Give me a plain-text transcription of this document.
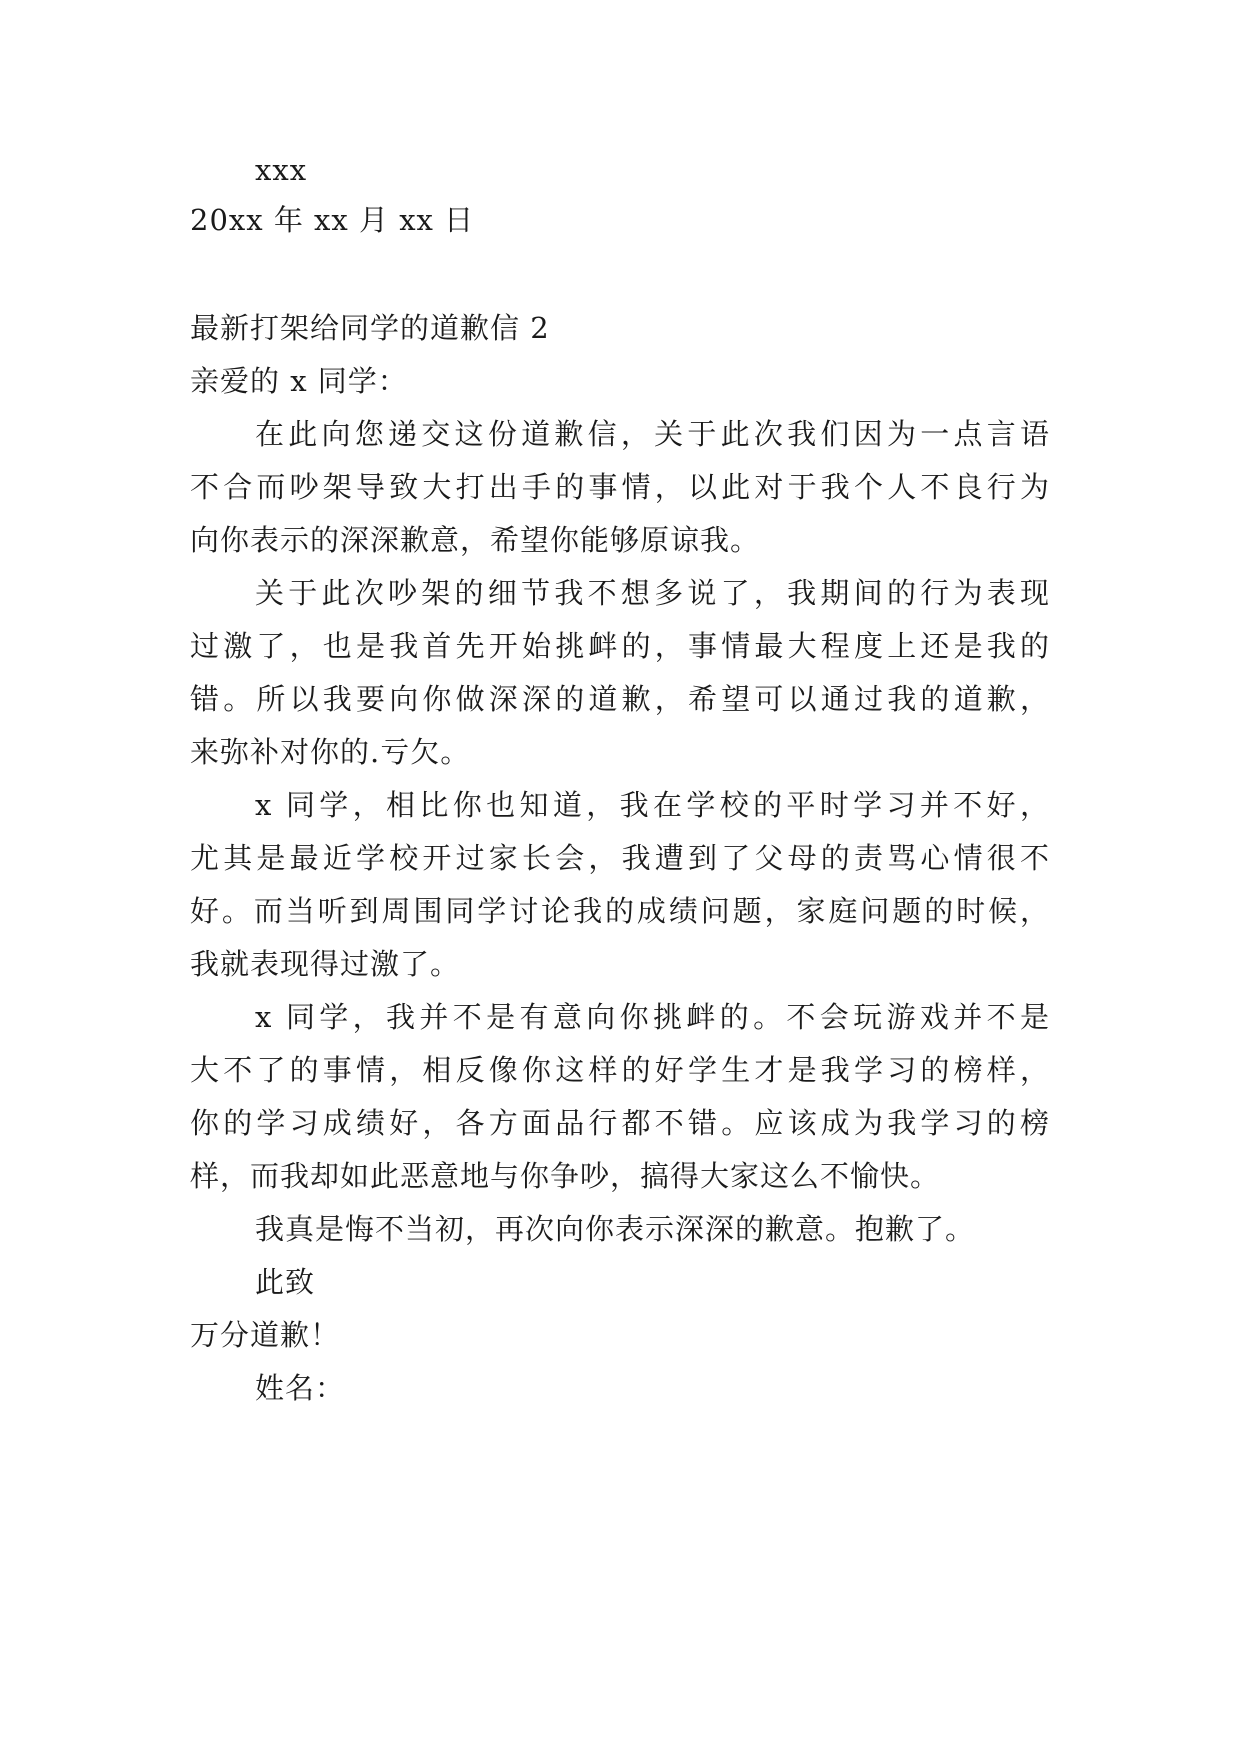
xxx
20xx 年 xx 月 xx 日
最新打架给同学的道歉信 2
亲爱的 x 同学：
在此向您递交这份道歉信，关于此次我们因为一点言语
不合而吵架导致大打出手的事情，以此对于我个人不良行为
向你表示的深深歉意，希望你能够原谅我。
关于此次吵架的细节我不想多说了，我期间的行为表现
过激了，也是我首先开始挑衅的，事情最大程度上还是我的
错。所以我要向你做深深的道歉，希望可以通过我的道歉，
来弥补对你的.亏欠。
x 同学，相比你也知道，我在学校的平时学习并不好，
尤其是最近学校开过家长会，我遭到了父母的责骂心情很不
好。而当听到周围同学讨论我的成绩问题，家庭问题的时候，
我就表现得过激了。
x 同学，我并不是有意向你挑衅的。不会玩游戏并不是
大不了的事情，相反像你这样的好学生才是我学习的榜样，
你的学习成绩好，各方面品行都不错。应该成为我学习的榜
样，而我却如此恶意地与你争吵，搞得大家这么不愉快。
我真是悔不当初，再次向你表示深深的歉意。抱歉了。
此致
万分道歉！
姓名：
